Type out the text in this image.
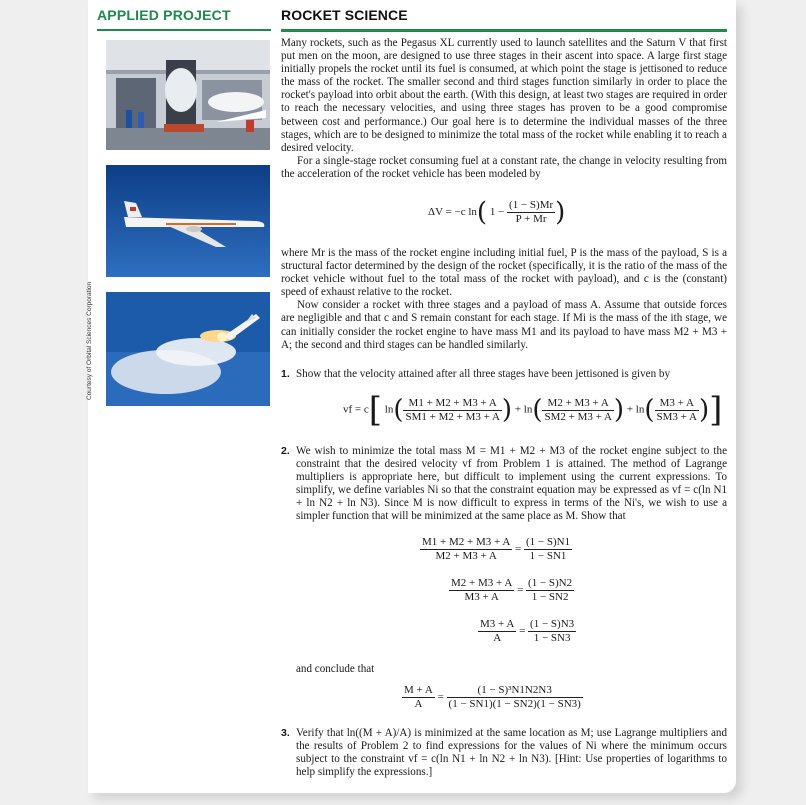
APPLIED PROJECT	ROCKET SCIENCE
Courtesy of Orbital Sciences Corporation

Many rockets, such as the Pegasus XL currently used to launch satellites and the Saturn V that first put men on the moon, are designed to use three stages in their ascent into space. A large first stage initially propels the rocket until its fuel is consumed, at which point the stage is jettisoned to reduce the mass of the rocket. The smaller second and third stages function similarly in order to place the rocket's payload into orbit about the earth. (With this design, at least two stages are required in order to reach the necessary velocities, and using three stages has proven to be a good compromise between cost and performance.) Our goal here is to determine the individual masses of the three stages, which are to be designed to minimize the total mass of the rocket while enabling it to reach a desired velocity.

For a single-stage rocket consuming fuel at a constant rate, the change in velocity resulting from the acceleration of the rocket vehicle has been modeled by

ΔV = −c ln( $1 - \frac{(1 - S)Mr}{P + Mr}$ )

where Mr is the mass of the rocket engine including initial fuel, P is the mass of the payload, S is a structural factor determined by the design of the rocket (specifically, it is the ratio of the mass of the rocket vehicle without fuel to the total mass of the rocket with payload), and c is the (constant) speed of exhaust relative to the rocket.

Now consider a rocket with three stages and a payload of mass A. Assume that outside forces are negligible and that c and S remain constant for each stage. If Mi is the mass of the ith stage, we can initially consider the rocket engine to have mass M1 and its payload to have mass M2 + M3 + A; the second and third stages can be handled similarly.

1. Show that the velocity attained after all three stages have been jettisoned is given by
vf = c[ $\ln( \frac{M1 + M2 + M3 + A}{SM1 + M2 + M3 + A}$ ) + $\ln( \frac{M2 + M3 + A}{SM2 + M3 + A}$ ) + $\ln( \frac{M3 + A}{SM3 + A}$ )]
2. We wish to minimize the total mass M = M1 + M2 + M3 of the rocket engine subject to the constraint that the desired velocity vf from Problem 1 is attained. The method of Lagrange multipliers is appropriate here, but difficult to implement using the current expressions. To simplify, we define variables Ni so that the constraint equation may be expressed as vf = c(ln N1 + ln N2 + ln N3). Since M is now difficult to express in terms of the Ni's, we wish to use a simpler function that will be minimized at the same place as M. Show that
$\frac{M1 + M2 + M3 + A}{M2 + M3 + A} = \frac{(1 - S)N1}{1 - SN1}$
$\frac{M2 + M3 + A}{M3 + A} = \frac{(1 - S)N2}{1 - SN2}$
$\frac{M3 + A}{A} = \frac{(1 - S)N3}{1 - SN3}$
and conclude that
$\frac{M + A}{A} = \frac{\text{(1 − S)³N1N2N3}}{(1 - SN1)(1 - SN2)(1 - SN3)}$
3. Verify that ln((M + A)/A) is minimized at the same location as M; use Lagrange multipliers and the results of Problem 2 to find expressions for the values of Ni where the minimum occurs subject to the constraint vf = c(ln N1 + ln N2 + ln N3). [Hint: Use properties of logarithms to help simplify the expressions.]
